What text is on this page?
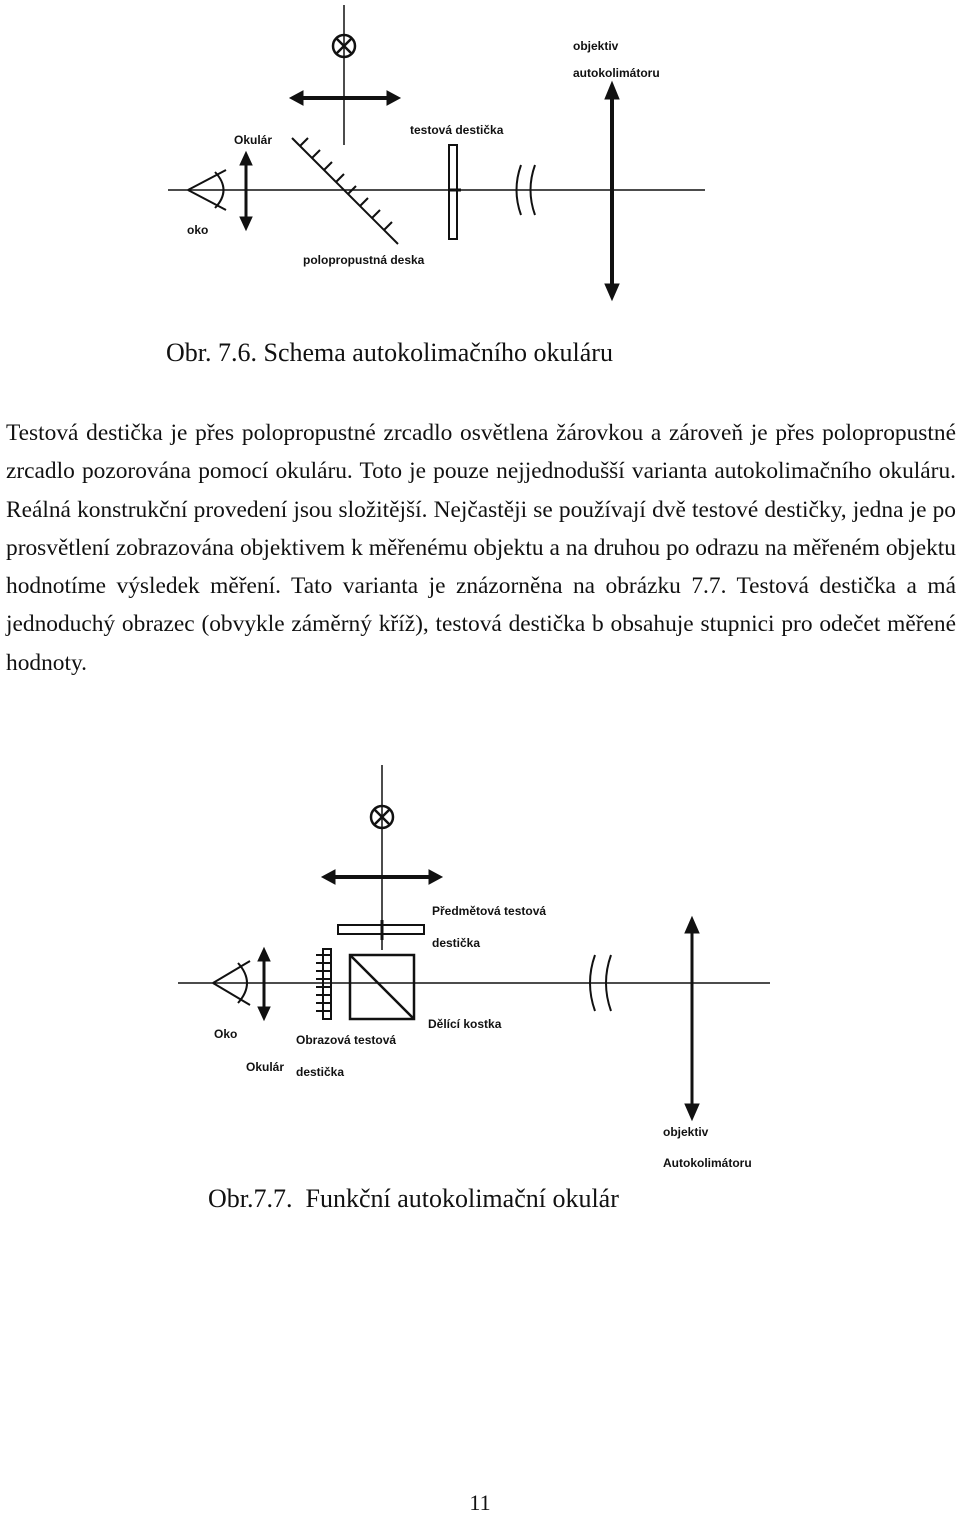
objektiv
autokolimátoru
Okulár
testová destička
oko
polopropustná deska
Obr. 7.6. Schema autokolimačního okuláru

Testová destička je přes polopropustné zrcadlo osvětlena žárovkou a zároveň je přes polopropustné zrcadlo pozorována pomocí okuláru. Toto je pouze nejjednodušší varianta autokolimačního okuláru. Reálná konstrukční provedení jsou složitější. Nejčastěji se používají dvě testové destičky, jedna je po prosvětlení zobrazována objektivem k měřenému objektu a na druhou po odrazu na měřeném objektu hodnotíme výsledek měření. Tato varianta je znázorněna na obrázku 7.7. Testová destička a má jednoduchý obrazec (obvykle záměrný kříž), testová destička b obsahuje stupnici pro odečet měřené hodnoty.

Předmětová testová
destička
Oko
Dělící kostka
Obrazová testová
destička
Okulár
objektiv
Autokolimátoru
Obr.7.7.  Funkční autokolimační okulár
11
